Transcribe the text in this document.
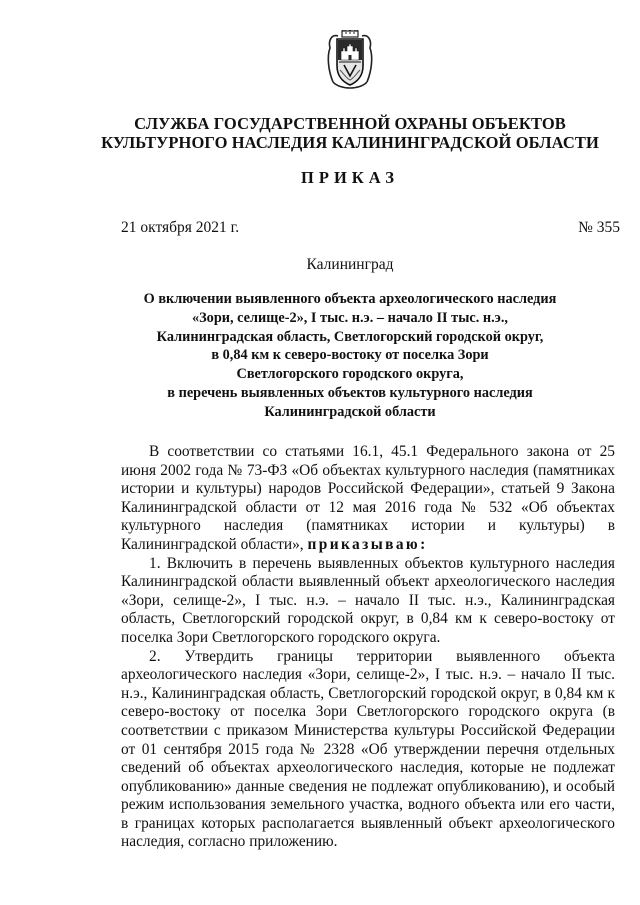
СЛУЖБА ГОСУДАРСТВЕННОЙ ОХРАНЫ ОБЪЕКТОВ
КУЛЬТУРНОГО НАСЛЕДИЯ КАЛИНИНГРАДСКОЙ ОБЛАСТИ
ПРИКАЗ
21 октября 2021 г.	№ 355
Калининград
О включении выявленного объекта археологического наследия
«Зори, селище-2», I тыс. н.э. – начало II тыс. н.э.,
Калининградская область, Светлогорский городской округ,
в 0,84 км к северо-востоку от поселка Зори
Светлогорского городского округа,
в перечень выявленных объектов культурного наследия
Калининградской области

В соответствии со статьями 16.1, 45.1 Федерального закона от 25 июня 2002 года № 73-ФЗ «Об объектах культурного наследия (памятниках истории и культуры) народов Российской Федерации», статьей 9 Закона Калининградской области от 12 мая 2016 года № 532 «Об объектах культурного наследия (памятниках истории и культуры) в Калининградской области», приказываю:

1. Включить в перечень выявленных объектов культурного наследия Калининградской области выявленный объект археологического наследия «Зори, селище-2», I тыс. н.э. – начало II тыс. н.э., Калининградская область, Светлогорский городской округ, в 0,84 км к северо-востоку от поселка Зори Светлогорского городского округа.

2. Утвердить границы территории выявленного объекта археологического наследия «Зори, селище-2», I тыс. н.э. – начало II тыс. н.э., Калининградская область, Светлогорский городской округ, в 0,84 км к северо-востоку от поселка Зори Светлогорского городского округа (в соответствии с приказом Министерства культуры Российской Федерации от 01 сентября 2015 года № 2328 «Об утверждении перечня отдельных сведений об объектах археологического наследия, которые не подлежат опубликованию» данные сведения не подлежат опубликованию), и особый режим использования земельного участка, водного объекта или его части, в границах которых располагается выявленный объект археологического наследия, согласно приложению.
